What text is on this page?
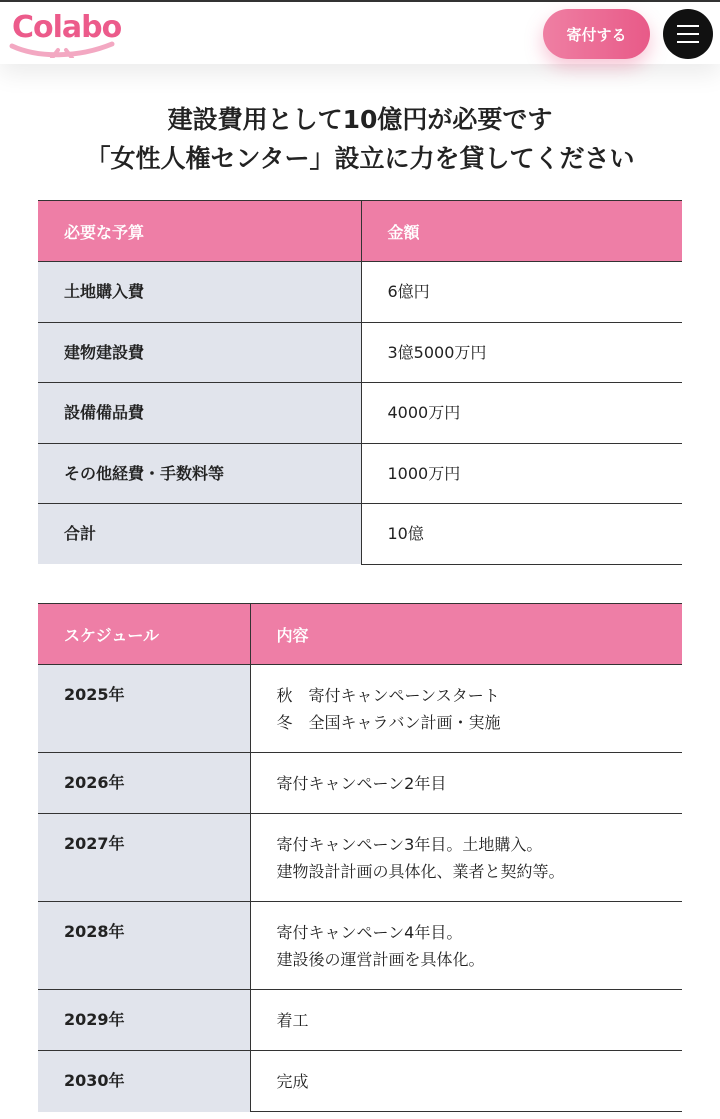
Colabo	寄付する
建設費用として10億円が必要です
「女性人権センター」設立に力を貸してください
必要な予算	金額
土地購入費	6億円
建物建設費	3億5000万円
設備備品費	4000万円
その他経費・手数料等	1000万円
合計	10億
スケジュール	内容
2025年	秋　寄付キャンペーンスタート
冬　全国キャラバン計画・実施

2026年	寄付キャンペーン2年目

2027年	寄付キャンペーン3年目。土地購入。
建物設計計画の具体化、業者と契約等。

2028年	寄付キャンペーン4年目。
建設後の運営計画を具体化。

2029年	着工

2030年	完成
